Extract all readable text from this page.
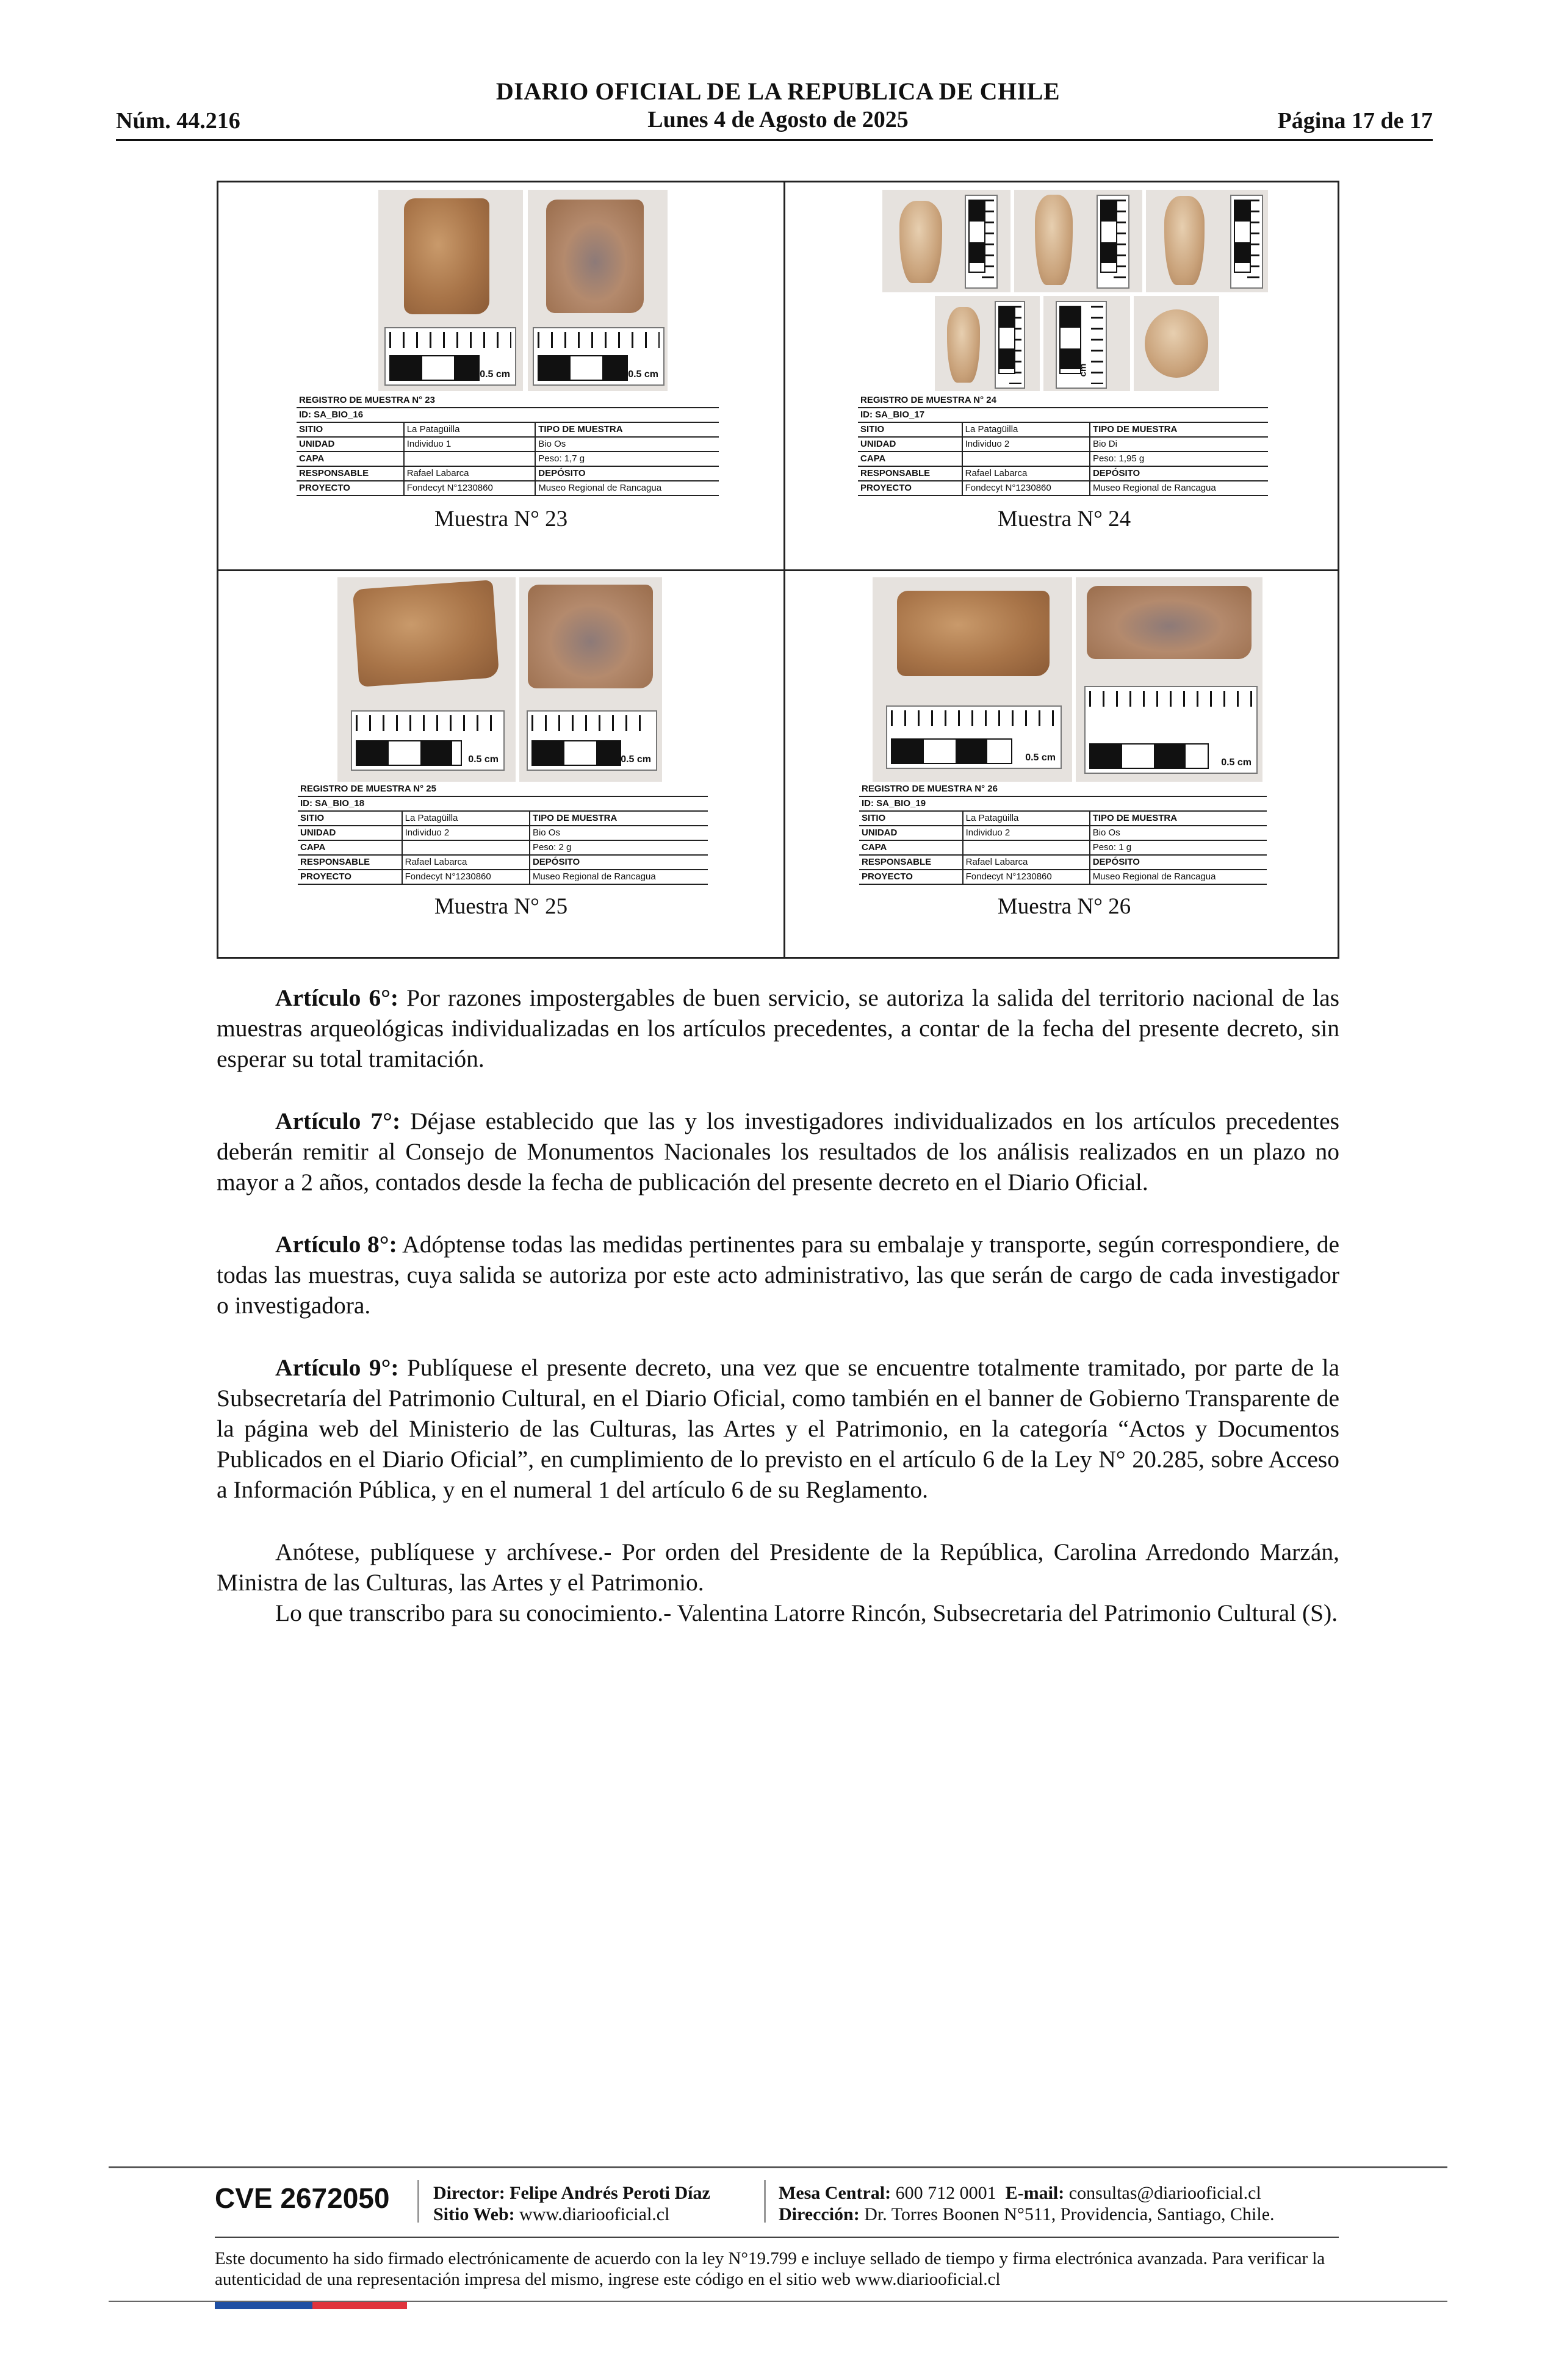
DIARIO OFICIAL DE LA REPUBLICA DE CHILE
Núm. 44.216	Lunes 4 de Agosto de 2025	Página 17 de 17
0.5 cm	0.5 cm
REGISTRO DE MUESTRA N° 23		
ID: SA_BIO_16		
SITIO	La Patagüilla	TIPO DE MUESTRA
UNIDAD	Individuo 1	Bio Os
CAPA		Peso: 1,7 g
RESPONSABLE	Rafael Labarca	DEPÓSITO
PROYECTO	Fondecyt N°1230860	Museo Regional de Rancagua
Muestra N° 23
cm
REGISTRO DE MUESTRA N° 24		
ID: SA_BIO_17		
SITIO	La Patagüilla	TIPO DE MUESTRA
UNIDAD	Individuo 2	Bio Di
CAPA		Peso: 1,95 g
RESPONSABLE	Rafael Labarca	DEPÓSITO
PROYECTO	Fondecyt N°1230860	Museo Regional de Rancagua
Muestra N° 24
0.5 cm	0.5 cm
REGISTRO DE MUESTRA N° 25		
ID: SA_BIO_18		
SITIO	La Patagüilla	TIPO DE MUESTRA
UNIDAD	Individuo 2	Bio Os
CAPA		Peso: 2 g
RESPONSABLE	Rafael Labarca	DEPÓSITO
PROYECTO	Fondecyt N°1230860	Museo Regional de Rancagua
Muestra N° 25
0.5 cm	0.5 cm
REGISTRO DE MUESTRA N° 26		
ID: SA_BIO_19		
SITIO	La Patagüilla	TIPO DE MUESTRA
UNIDAD	Individuo 2	Bio Os
CAPA		Peso: 1 g
RESPONSABLE	Rafael Labarca	DEPÓSITO
PROYECTO	Fondecyt N°1230860	Museo Regional de Rancagua
Muestra N° 26

Artículo 6°: Por razones impostergables de buen servicio, se autoriza la salida del territorio nacional de las muestras arqueológicas individualizadas en los artículos precedentes, a contar de la fecha del presente decreto, sin esperar su total tramitación.

Artículo 7°: Déjase establecido que las y los investigadores individualizados en los artículos precedentes deberán remitir al Consejo de Monumentos Nacionales los resultados de los análisis realizados en un plazo no mayor a 2 años, contados desde la fecha de publicación del presente decreto en el Diario Oficial.

Artículo 8°: Adóptense todas las medidas pertinentes para su embalaje y transporte, según correspondiere, de todas las muestras, cuya salida se autoriza por este acto administrativo, las que serán de cargo de cada investigador o investigadora.

Artículo 9°: Publíquese el presente decreto, una vez que se encuentre totalmente tramitado, por parte de la Subsecretaría del Patrimonio Cultural, en el Diario Oficial, como también en el banner de Gobierno Transparente de la página web del Ministerio de las Culturas, las Artes y el Patrimonio, en la categoría “Actos y Documentos Publicados en el Diario Oficial”, en cumplimiento de lo previsto en el artículo 6 de la Ley N° 20.285, sobre Acceso a Información Pública, y en el numeral 1 del artículo 6 de su Reglamento.

Anótese, publíquese y archívese.- Por orden del Presidente de la República, Carolina Arredondo Marzán, Ministra de las Culturas, las Artes y el Patrimonio.

Lo que transcribo para su conocimiento.- Valentina Latorre Rincón, Subsecretaria del Patrimonio Cultural (S).

CVE 2672050 Director: Felipe Andrés Peroti Díaz
Sitio Web: www.diariooficial.cl
Mesa Central: 600 712 0001 E-mail: consultas@diariooficial.cl
Dirección: Dr. Torres Boonen N°511, Providencia, Santiago, Chile.
Este documento ha sido firmado electrónicamente de acuerdo con la ley N°19.799 e incluye sellado de tiempo y firma electrónica avanzada. Para verificar la autenticidad de una representación impresa del mismo, ingrese este código en el sitio web www.diariooficial.cl
